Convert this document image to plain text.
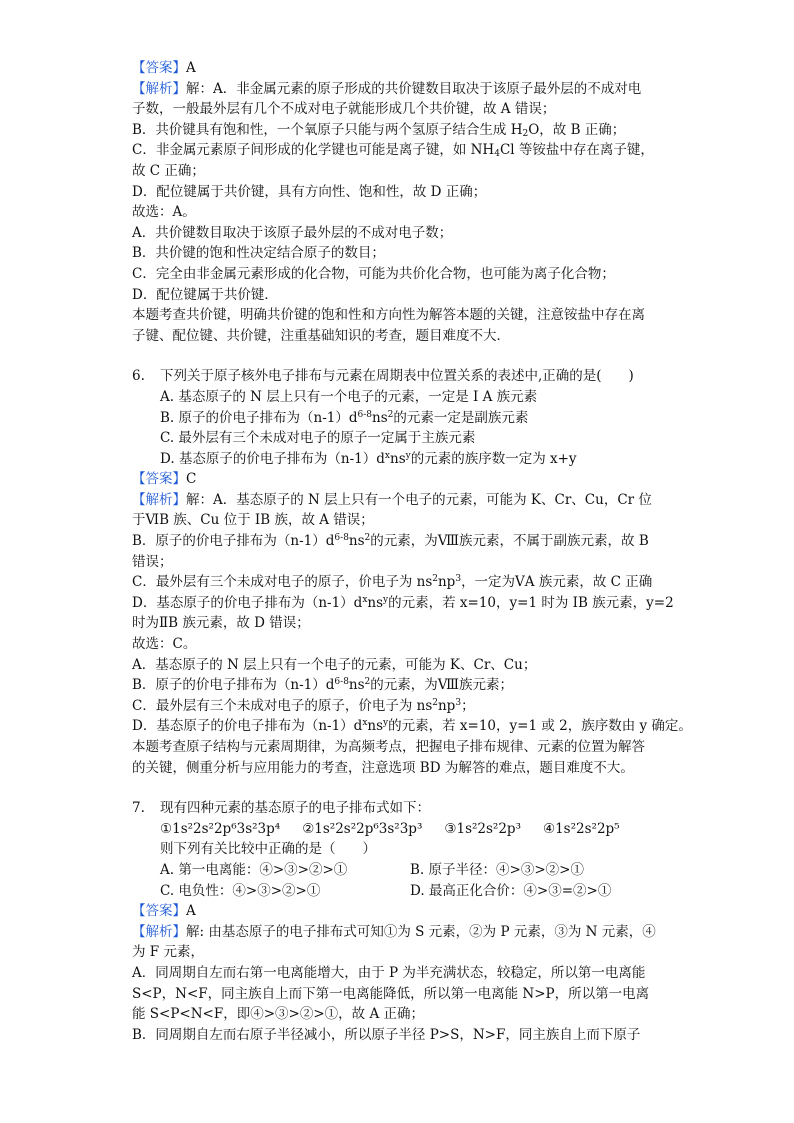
【答案】A
【解析】解：A．非金属元素的原子形成的共价键数目取决于该原子最外层的不成对电
子数，一般最外层有几个不成对电子就能形成几个共价键，故 A 错误；
B．共价键具有饱和性，一个氧原子只能与两个氢原子结合生成 $H_2O$，故 B 正确；
C．非金属元素原子间形成的化学键也可能是离子键，如 $NH_4Cl$ 等铵盐中存在离子键，
故 C 正确；
D．配位键属于共价键，具有方向性、饱和性，故 D 正确；
故选：A。
A．共价键数目取决于该原子最外层的不成对电子数；
B．共价键的饱和性决定结合原子的数目；
C．完全由非金属元素形成的化合物，可能为共价化合物，也可能为离子化合物；
D．配位键属于共价键．
本题考查共价键，明确共价键的饱和性和方向性为解答本题的关键，注意铵盐中存在离
子键、配位键、共价键，注重基础知识的考查，题目难度不大．
6.	下列关于原子核外电子排布与元素在周期表中位置关系的表述中,正确的是(　　)
A. 基态原子的 N 层上只有一个电子的元素，一定是 I A 族元素
B. 原子的价电子排布为$(n-1)d^{6-8}ns^2$的元素一定是副族元素
C. 最外层有三个未成对电子的原子一定属于主族元素
D. 基态原子的价电子排布为$(n-1)d^xns^y$的元素的族序数一定为 x+y
【答案】C
【解析】解：A．基态原子的 N 层上只有一个电子的元素，可能为 K、Cr、Cu，Cr 位
于ⅥB 族、Cu 位于 IB 族，故 A 错误；
B．原子的价电子排布为$(n-1)d^{6-8}ns^2$的元素，为Ⅷ族元素，不属于副族元素，故 B
错误；
C．最外层有三个未成对电子的原子，价电子为 $ns^2np^3$，一定为ⅤA 族元素，故 C 正确
D．基态原子的价电子排布为$(n-1)d^xns^y$的元素，若 x=10，y=1 时为 IB 族元素，y=2
时为ⅡB 族元素，故 D 错误；
故选：C。
A．基态原子的 N 层上只有一个电子的元素，可能为 K、Cr、Cu；
B．原子的价电子排布为$(n-1)d^{6-8}ns^2$的元素，为Ⅷ族元素；
C．最外层有三个未成对电子的原子，价电子为 $ns^2np^3$；
D．基态原子的价电子排布为$(n-1)d^xns^y$的元素，若 x=10，y=1 或 2，族序数由 y 确定。
本题考查原子结构与元素周期律，为高频考点，把握电子排布规律、元素的位置为解答
的关键，侧重分析与应用能力的考查，注意选项 BD 为解答的难点，题目难度不大。
7.	现有四种元素的基态原子的电子排布式如下：
①1s²2s²2p⁶3s²3p⁴ ②1s²2s²2p⁶3s²3p³ ③1s²2s²2p³ ④1s²2s²2p⁵
则下列有关比较中正确的是（　　）
A. 第一电离能：④>③>②>①	B. 原子半径：④>③>②>①
C. 电负性：④>③>②>①	D. 最高正化合价：④>③=②>①
【答案】A
【解析】解: 由基态原子的电子排布式可知①为 S 元素，②为 P 元素，③为 N 元素，④
为 F 元素，
A．同周期自左而右第一电离能增大，由于 P 为半充满状态，较稳定，所以第一电离能
S<P，N<F，同主族自上而下第一电离能降低，所以第一电离能 N>P，所以第一电离
能 S<P<N<F，即④>③>②>①，故 A 正确；
B．同周期自左而右原子半径减小，所以原子半径 P>S，N>F，同主族自上而下原子
